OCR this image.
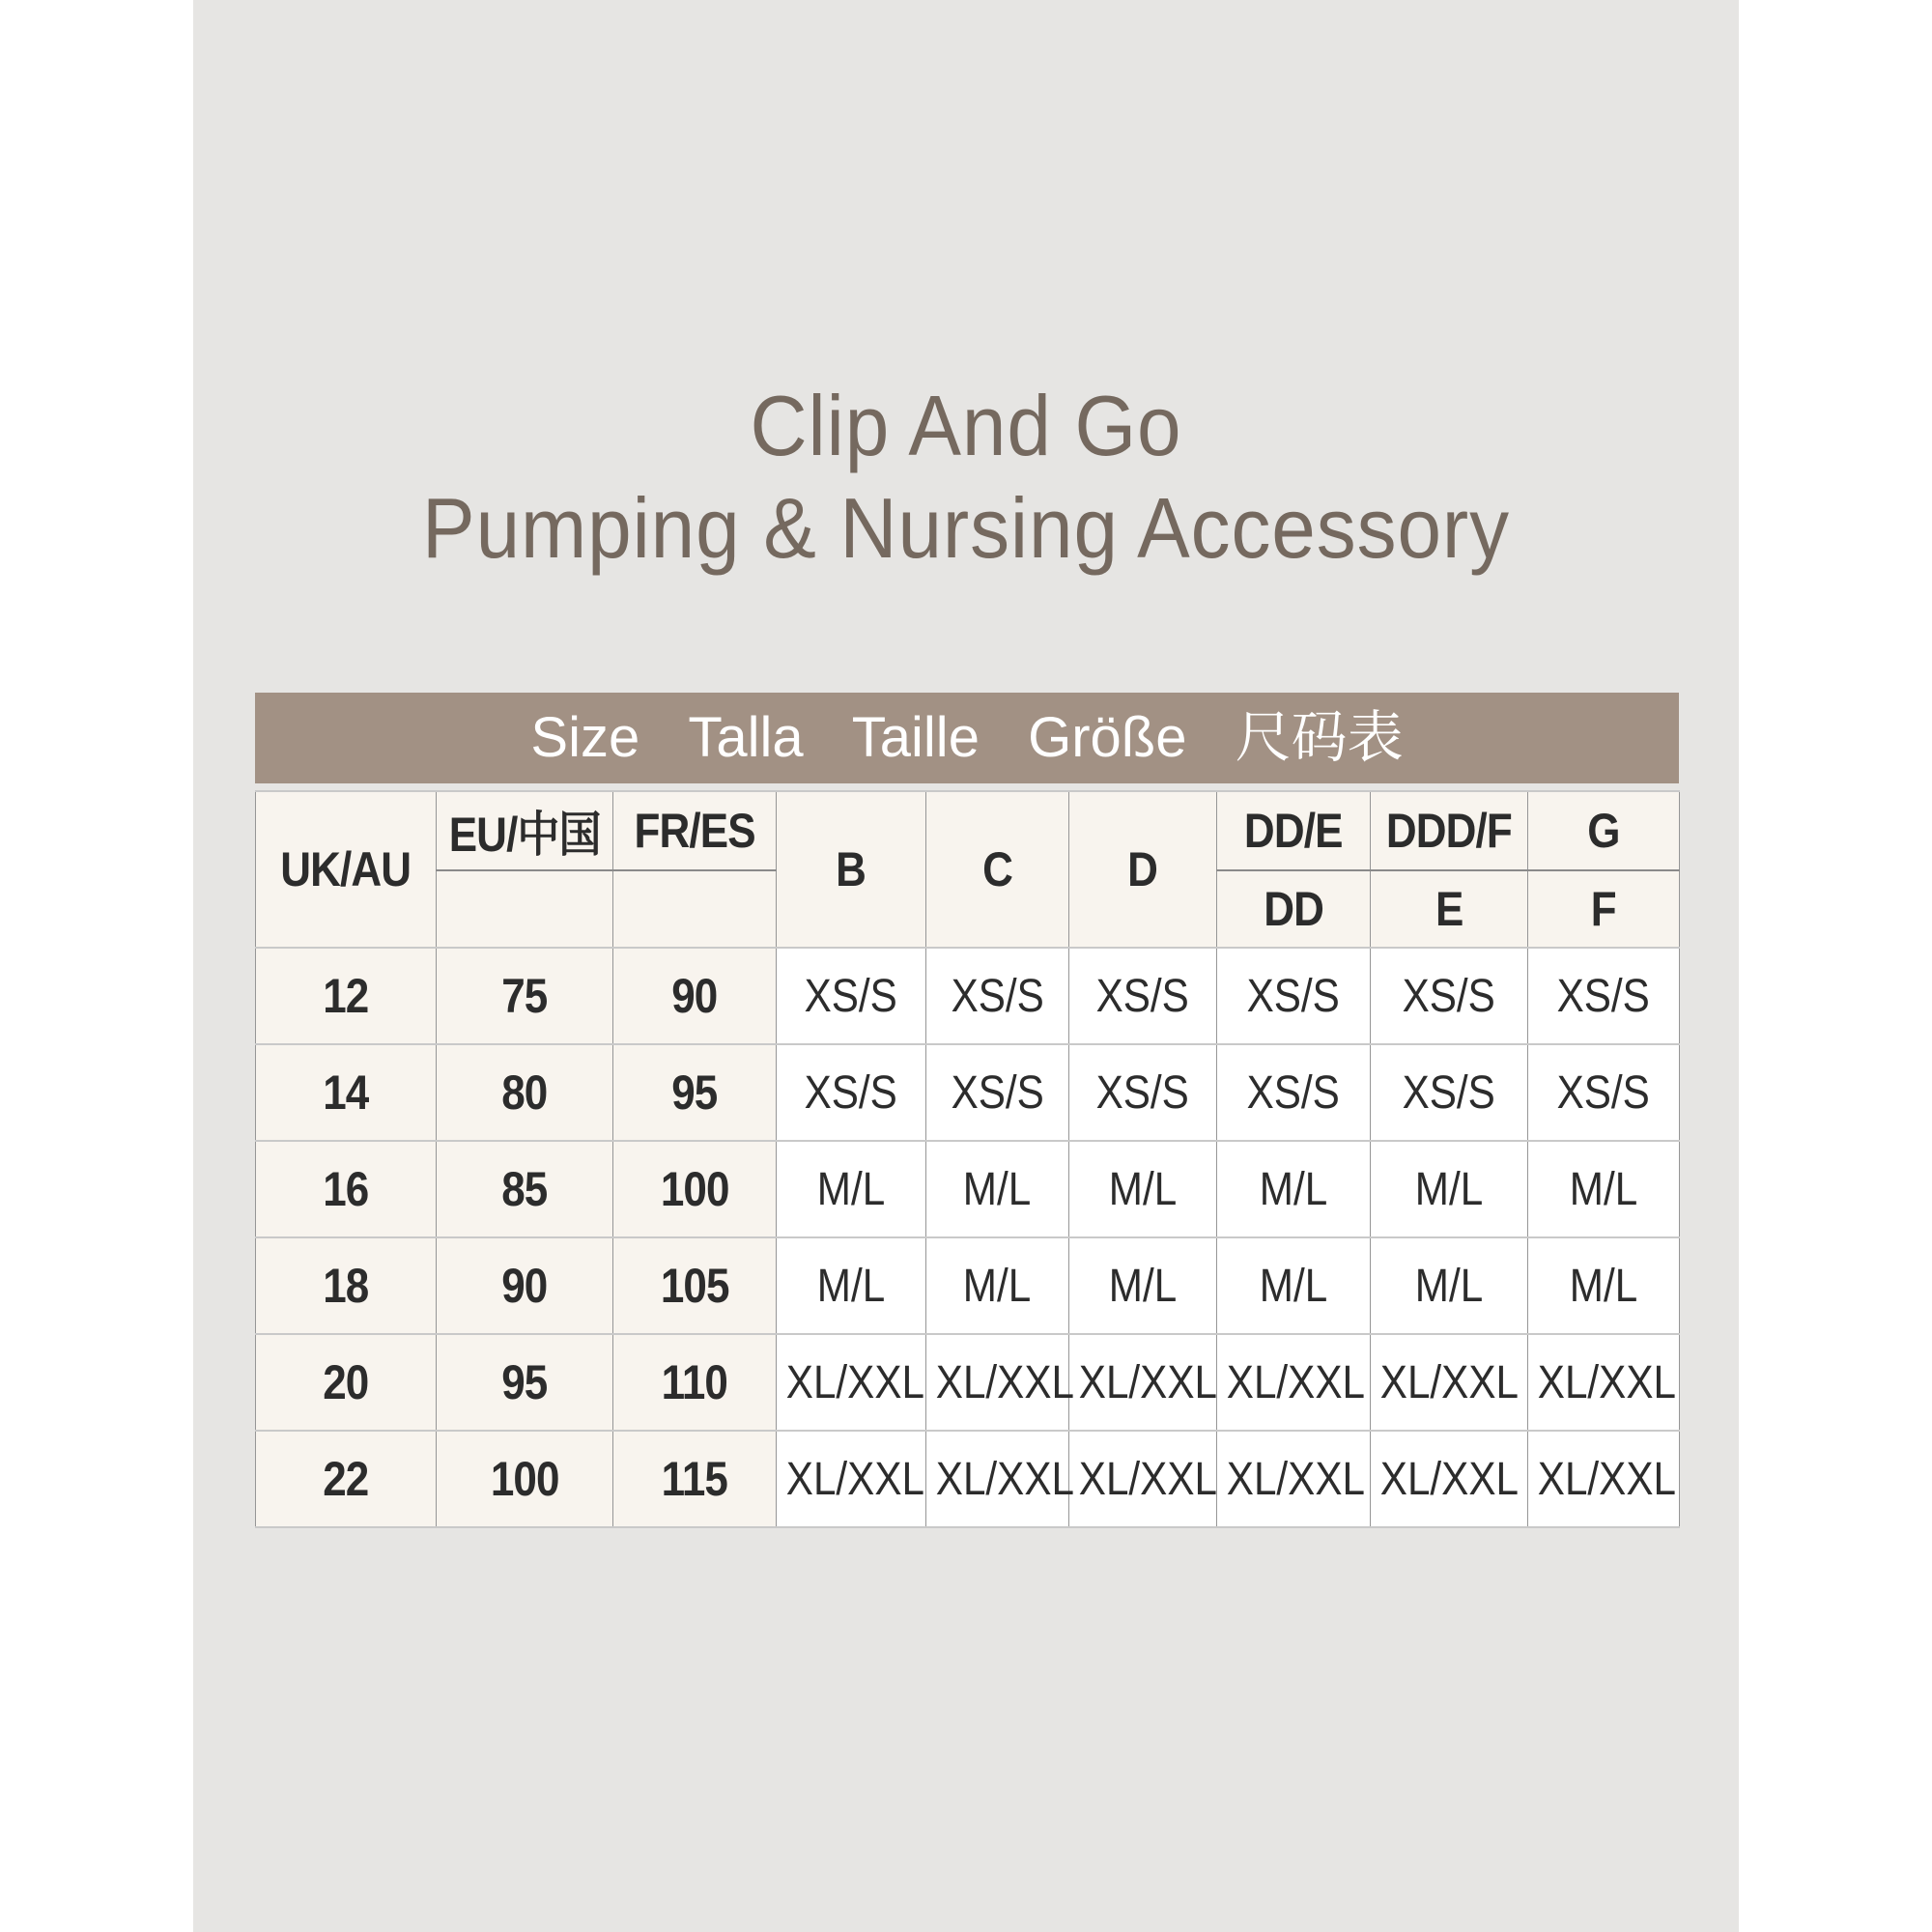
Clip And Go
Pumping & Nursing Accessory
Size Talla Taille Größe 尺码表
UK/AU	EU/中国	FR/ES	B	C	D	DD/E	DDD/F	G
						DD	E	F
12	75	90	XS/S	XS/S	XS/S	XS/S	XS/S	XS/S
14	80	95	XS/S	XS/S	XS/S	XS/S	XS/S	XS/S
16	85	100	M/L	M/L	M/L	M/L	M/L	M/L
18	90	105	M/L	M/L	M/L	M/L	M/L	M/L
20	95	110	XL/XXL	XL/XXL	XL/XXL	XL/XXL	XL/XXL	XL/XXL
22	100	115	XL/XXL	XL/XXL	XL/XXL	XL/XXL	XL/XXL	XL/XXL
